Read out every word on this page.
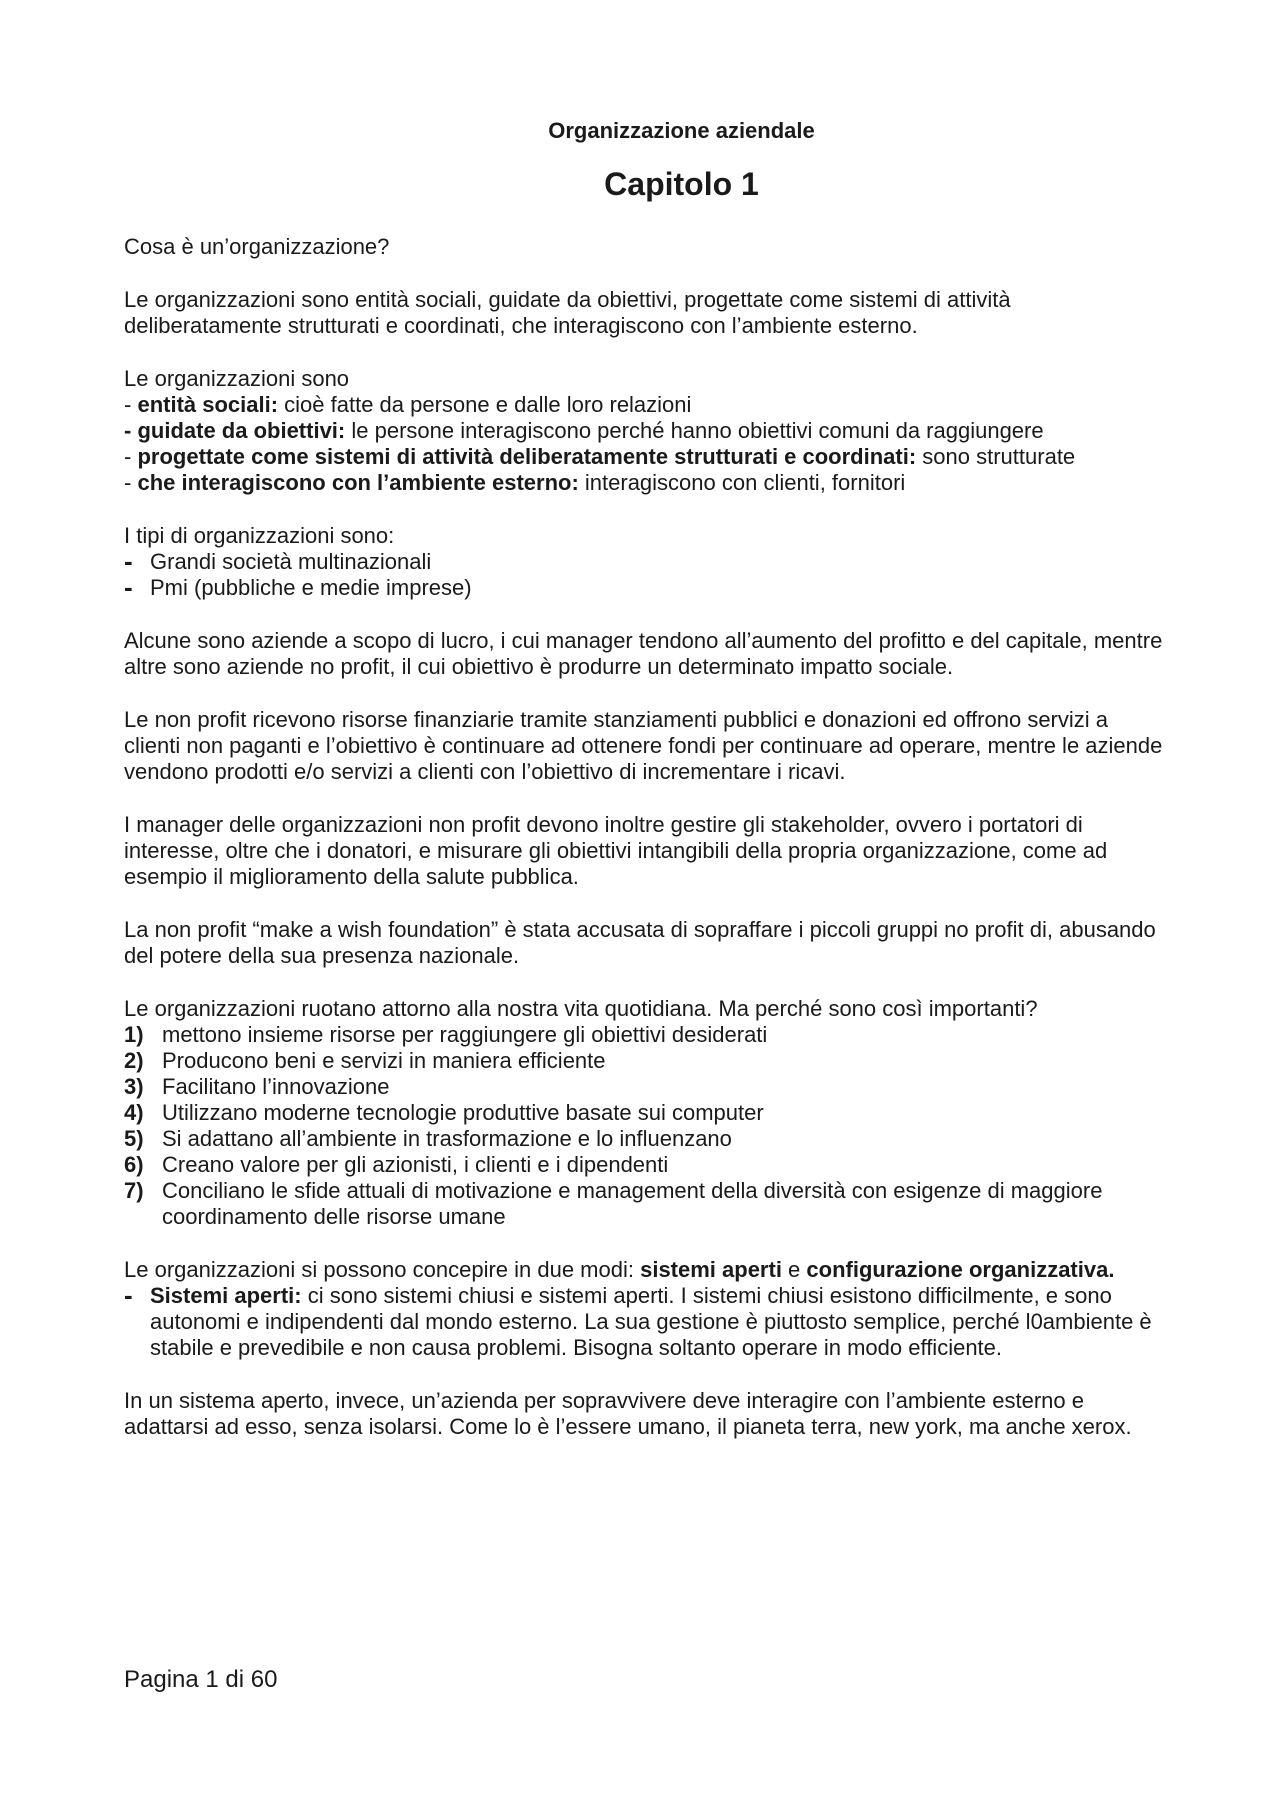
Organizzazione aziendale

Capitolo 1

Cosa è un’organizzazione?

Le organizzazioni sono entità sociali, guidate da obiettivi, progettate come sistemi di attività deliberatamente strutturati e coordinati, che interagiscono con l’ambiente esterno.

Le organizzazioni sono

- entità sociali: cioè fatte da persone e dalle loro relazioni

- guidate da obiettivi: le persone interagiscono perché hanno obiettivi comuni da raggiungere

- progettate come sistemi di attività deliberatamente strutturati e coordinati: sono strutturate

- che interagiscono con l’ambiente esterno: interagiscono con clienti, fornitori

I tipi di organizzazioni sono:

- Grandi società multinazionali
- Pmi (pubbliche e medie imprese)

Alcune sono aziende a scopo di lucro, i cui manager tendono all’aumento del profitto e del capitale, mentre altre sono aziende no profit, il cui obiettivo è produrre un determinato impatto sociale.

Le non profit ricevono risorse finanziarie tramite stanziamenti pubblici e donazioni ed offrono servizi a clienti non paganti e l’obiettivo è continuare ad ottenere fondi per continuare ad operare, mentre le aziende vendono prodotti e/o servizi a clienti con l’obiettivo di incrementare i ricavi.

I manager delle organizzazioni non profit devono inoltre gestire gli stakeholder, ovvero i portatori di interesse, oltre che i donatori, e misurare gli obiettivi intangibili della propria organizzazione, come ad esempio il miglioramento della salute pubblica.

La non profit “make a wish foundation” è stata accusata di sopraffare i piccoli gruppi no profit di, abusando del potere della sua presenza nazionale.

Le organizzazioni ruotano attorno alla nostra vita quotidiana. Ma perché sono così importanti?

1) mettono insieme risorse per raggiungere gli obiettivi desiderati
2) Producono beni e servizi in maniera efficiente
3) Facilitano l’innovazione
4) Utilizzano moderne tecnologie produttive basate sui computer
5) Si adattano all’ambiente in trasformazione e lo influenzano
6) Creano valore per gli azionisti, i clienti e i dipendenti
7) Conciliano le sfide attuali di motivazione e management della diversità con esigenze di maggiore coordinamento delle risorse umane

Le organizzazioni si possono concepire in due modi: sistemi aperti e configurazione organizzativa.

- Sistemi aperti: ci sono sistemi chiusi e sistemi aperti. I sistemi chiusi esistono difficilmente, e sono autonomi e indipendenti dal mondo esterno. La sua gestione è piuttosto semplice, perché l0ambiente è stabile e prevedibile e non causa problemi. Bisogna soltanto operare in modo efficiente.

In un sistema aperto, invece, un’azienda per sopravvivere deve interagire con l’ambiente esterno e adattarsi ad esso, senza isolarsi. Come lo è l’essere umano, il pianeta terra, new york, ma anche xerox.

Pagina 1 di 60
